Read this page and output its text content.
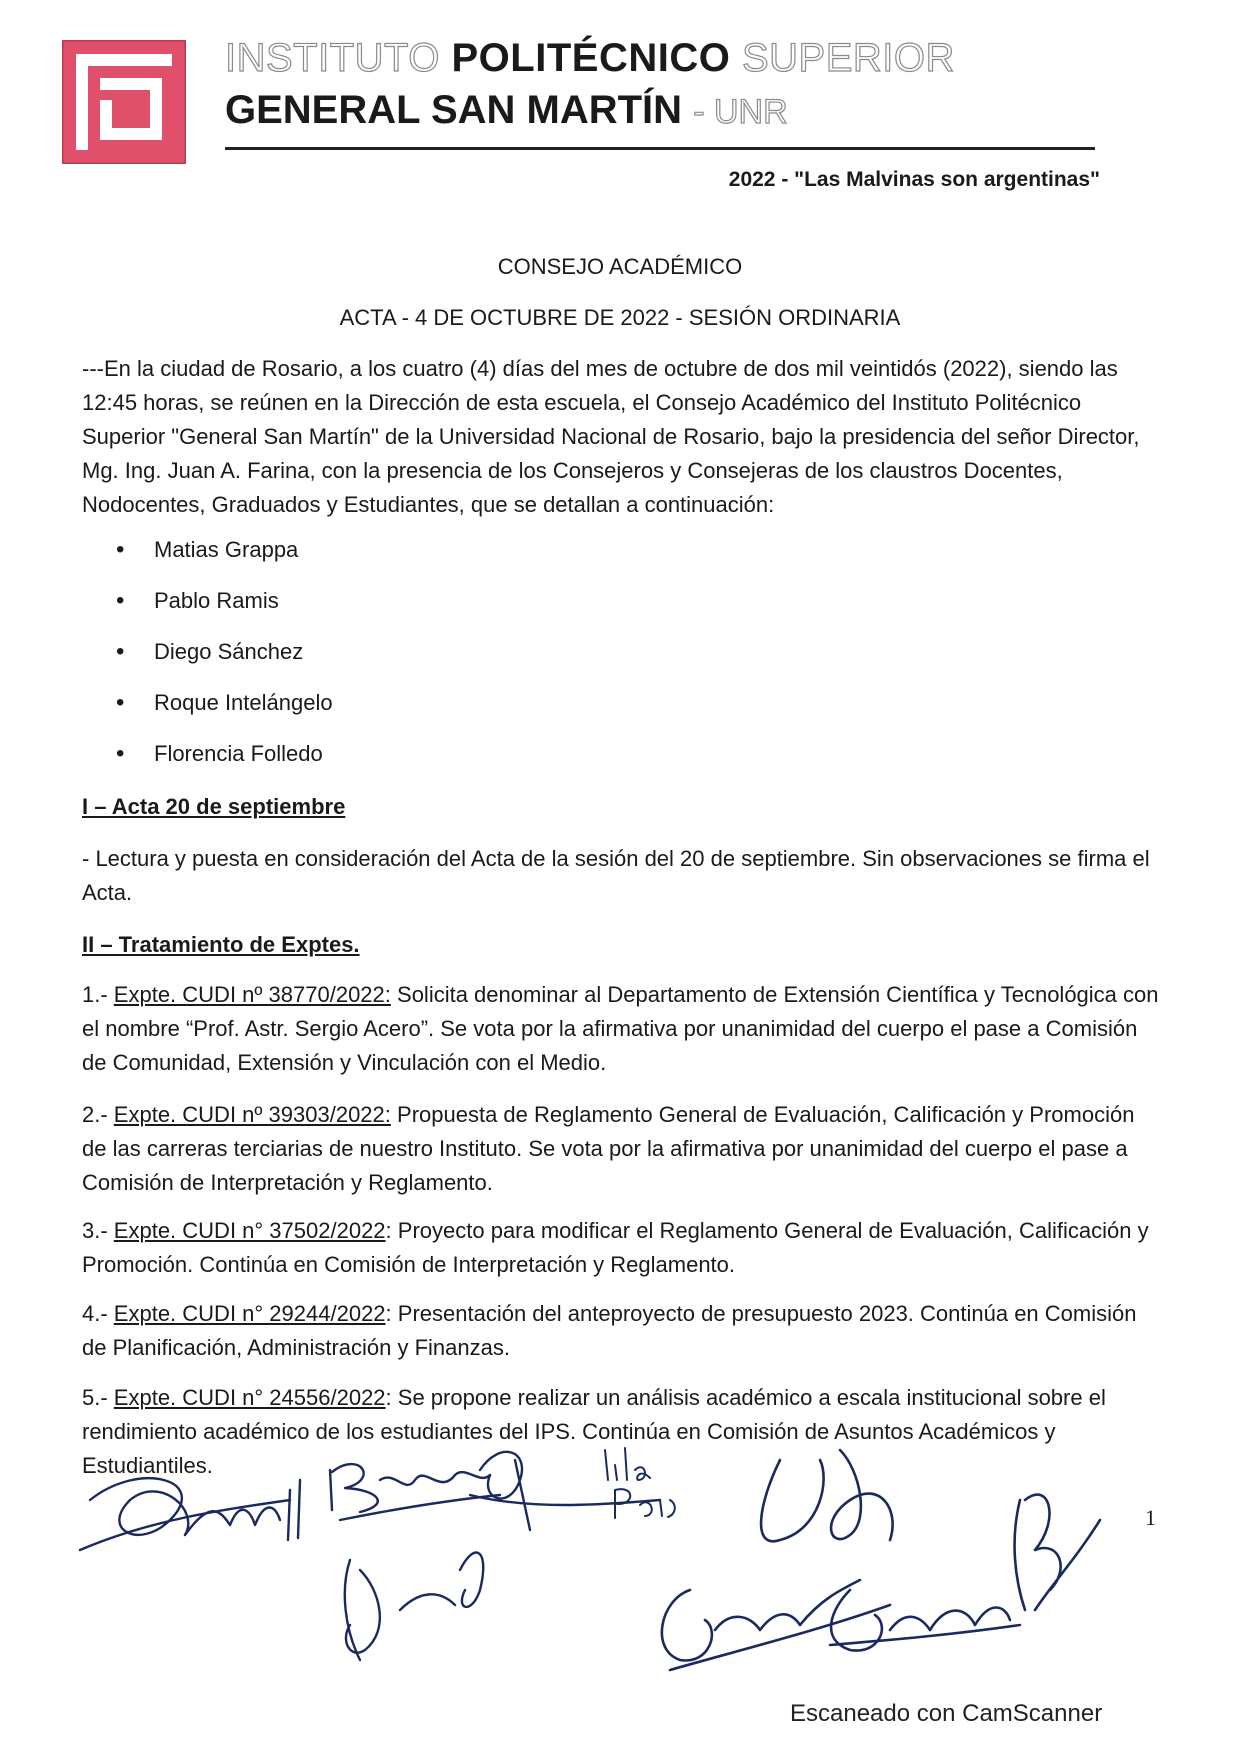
INSTITUTO POLITÉCNICO SUPERIOR
GENERAL SAN MARTÍN - UNR
2022 - "Las Malvinas son argentinas"
CONSEJO ACADÉMICO
ACTA - 4 DE OCTUBRE DE 2022 - SESIÓN ORDINARIA
---En la ciudad de Rosario, a los cuatro (4) días del mes de octubre de dos mil veintidós (2022), siendo las 12:45 horas, se reúnen en la Dirección de esta escuela, el Consejo Académico del Instituto Politécnico Superior "General San Martín" de la Universidad Nacional de Rosario, bajo la presidencia del señor Director, Mg. Ing. Juan A. Farina, con la presencia de los Consejeros y Consejeras de los claustros Docentes, Nodocentes, Graduados y Estudiantes, que se detallan a continuación:
• Matias Grappa
• Pablo Ramis
• Diego Sánchez
• Roque Intelángelo
• Florencia Folledo
I – Acta 20 de septiembre
- Lectura y puesta en consideración del Acta de la sesión del 20 de septiembre. Sin observaciones se firma el Acta.
II – Tratamiento de Exptes.
1.- Expte. CUDI nº 38770/2022: Solicita denominar al Departamento de Extensión Científica y Tecnológica con el nombre “Prof. Astr. Sergio Acero”. Se vota por la afirmativa por unanimidad del cuerpo el pase a Comisión de Comunidad, Extensión y Vinculación con el Medio.
2.- Expte. CUDI nº 39303/2022: Propuesta de Reglamento General de Evaluación, Calificación y Promoción de las carreras terciarias de nuestro Instituto. Se vota por la afirmativa por unanimidad del cuerpo el pase a Comisión de Interpretación y Reglamento.
3.- Expte. CUDI n° 37502/2022: Proyecto para modificar el Reglamento General de Evaluación, Calificación y Promoción. Continúa en Comisión de Interpretación y Reglamento.
4.- Expte. CUDI n° 29244/2022: Presentación del anteproyecto de presupuesto 2023. Continúa en Comisión de Planificación, Administración y Finanzas.
5.- Expte. CUDI n° 24556/2022: Se propone realizar un análisis académico a escala institucional sobre el rendimiento académico de los estudiantes del IPS. Continúa en Comisión de Asuntos Académicos y Estudiantiles.
1
Escaneado con CamScanner
